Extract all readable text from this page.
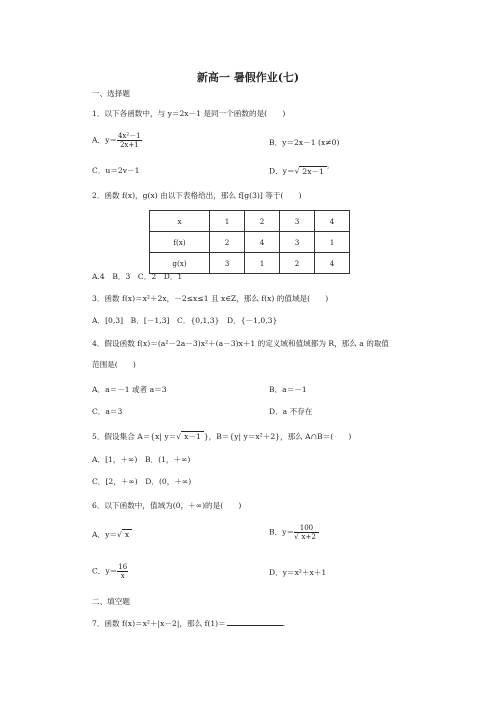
新高一 暑假作业(七)
一、选择题
1．以下各函数中，与 y＝2x－1 是同一个函数的是(　　)
A．$y= \frac{\text{4x²－1}}{2x+1}$	B．y＝2x－1 (x≠0)
C．u＝2v－1	D．y＝√ 2x－1 $^{^2}$
2．函数 f(x)，g(x) 由以下表格给出，那么 f[g(3)] 等于(　　)
x	1	2	3	4
f(x)	2	4	3	1
g(x)	3	1	2	4
A.4　B．3　C．2　D．1
3．函数 f(x)＝x²＋2x，－2≤x≤1 且 x∈Z，那么 f(x) 的值域是(　　)
A．[0,3]　B．[－1,3]　C．{0,1,3}　D．{－1,0,3}
4．假设函数 f(x)＝(a²－2a－3)x²＋(a－3)x＋1 的定义域和值域都为 R，那么 a 的取值
范围是(　　)
A．a＝－1 或者 a＝3	B．a＝－1
C．a＝3	D．a 不存在
5．假设集合 A＝{x| y＝√ x－1 }，B＝{y| y＝x²＋2}，那么 A∩B＝(　　)
A．[1，＋∞)　B．(1，＋∞)
C．[2，＋∞)　D．(0，＋∞)
6．以下函数中，值域为(0，＋∞)的是(　　)
A．y＝√ x	B．$y= \frac{100}{√ x+2}$
C．$y= \frac{16}{x}$	D．y＝x²＋x＋1
二、填空题
7．函数 f(x)＝x²＋|x－2|，那么 f(1)＝	.
